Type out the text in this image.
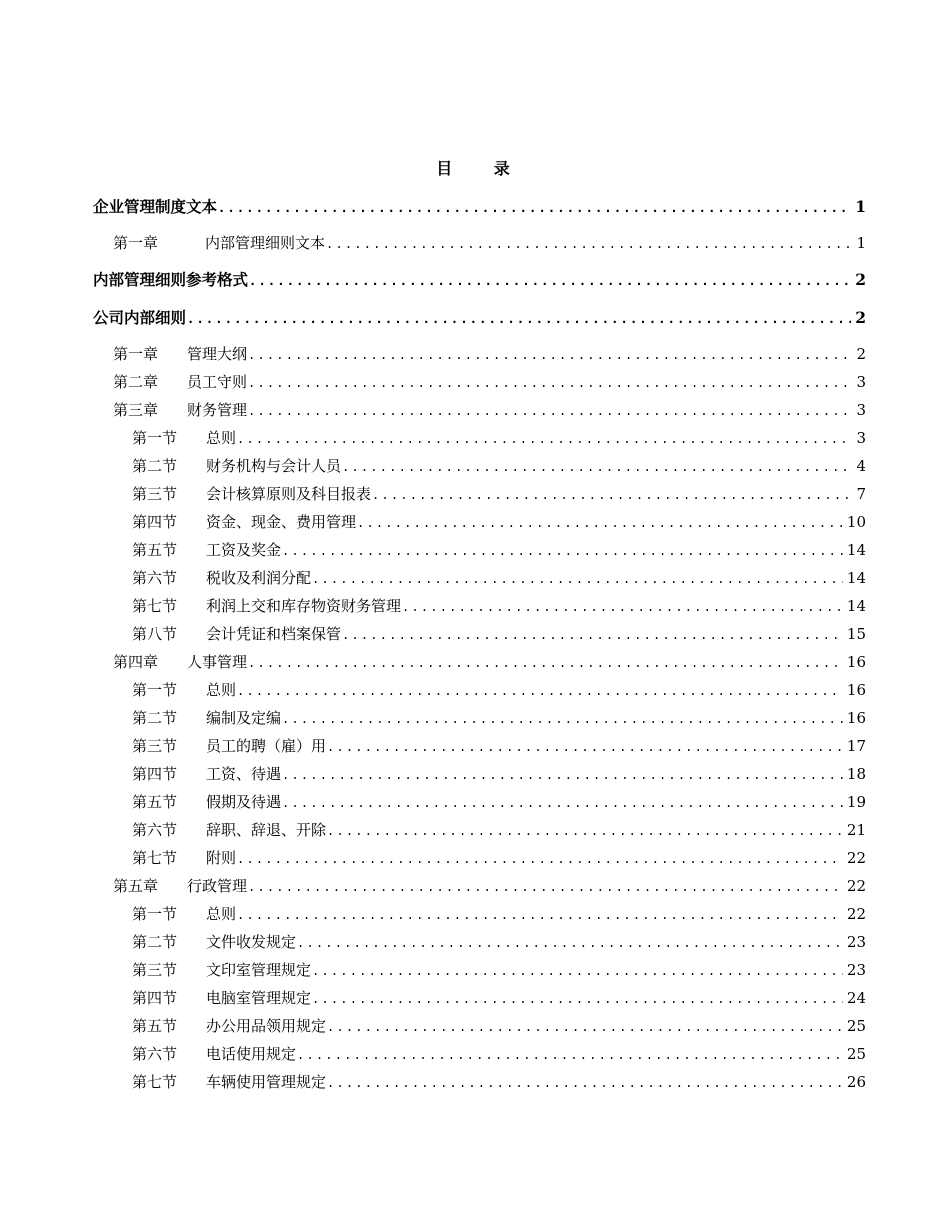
目 录
企业管理制度文本 .....	1
第一章	内部管理细则文本 .....	1
内部管理细则参考格式 .....	2
公司内部细则 .....	2
第一章	管理大纲 .....	2
第二章	员工守则 .....	3
第三章	财务管理 .....	3
第一节	总则 .....	3
第二节	财务机构与会计人员 .....	4
第三节	会计核算原则及科目报表 .....	7
第四节	资金、现金、费用管理 .....	10
第五节	工资及奖金 .....	14
第六节	税收及利润分配 .....	14
第七节	利润上交和库存物资财务管理 .....	14
第八节	会计凭证和档案保管 .....	15
第四章	人事管理 .....	16
第一节	总则 .....	16
第二节	编制及定编 .....	16
第三节	员工的聘（雇）用 .....	17
第四节	工资、待遇 .....	18
第五节	假期及待遇 .....	19
第六节	辞职、辞退、开除 .....	21
第七节	附则 .....	22
第五章	行政管理 .....	22
第一节	总则 .....	22
第二节	文件收发规定 .....	23
第三节	文印室管理规定 .....	23
第四节	电脑室管理规定 .....	24
第五节	办公用品领用规定 .....	25
第六节	电话使用规定 .....	25
第七节	车辆使用管理规定 .....	26
